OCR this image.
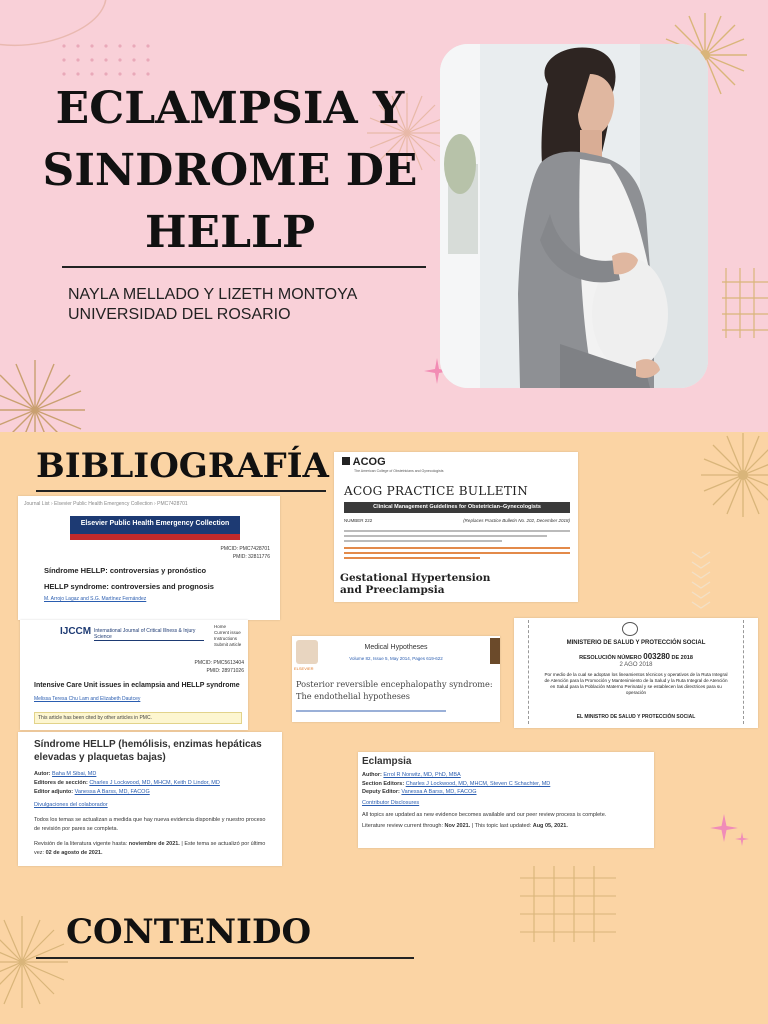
ECLAMPSIA Y
SINDROME DE
HELLP
NAYLA MELLADO Y LIZETH MONTOYA
UNIVERSIDAD DEL ROSARIO
BIBLIOGRAFÍA
Journal List › Elsevier Public Health Emergency Collection › PMC7428701
Elsevier Public Health Emergency Collection
PMCID: PMC7428701
PMID: 32811776
Síndrome HELLP: controversias y pronóstico
HELLP syndrome: controversies and prognosis
M. Arrojo Lagaz and S.G. Martínez Fernández
IJCCM International Journal of Critical Illness & Injury Science
Home
Current issue
Instructions
Submit article
PMCID: PMC5613404
PMID: 28971026
Intensive Care Unit issues in eclampsia and HELLP syndrome
Melissa Teresa Chu Lam and Elizabeth Dautcey
This article has been cited by other articles in PMC.
Síndrome HELLP (hemólisis, enzimas hepáticas elevadas y plaquetas bajas)
Autor: Baha M Sibai, MD
Editores de sección: Charles J Lockwood, MD, MHCM, Keith D Lindor, MD
Editor adjunto: Vanessa A Barss, MD, FACOG
Divulgaciones del colaborador
Todos los temas se actualizan a medida que hay nueva evidencia disponible y nuestro proceso de revisión por pares se completa.
Revisión de la literatura vigente hasta: noviembre de 2021. | Este tema se actualizó por último vez: 02 de agosto de 2021.
ACOG
The American College of Obstetricians and Gynecologists
ACOG PRACTICE BULLETIN
Clinical Management Guidelines for Obstetrician–Gynecologists
NUMBER 222	(Replaces Practice Bulletin No. 202, December 2018)
Gestational Hypertension and Preeclampsia
ELSEVIER
Medical Hypotheses
Volume 82, Issue 5, May 2014, Pages 619-622
Posterior reversible encephalopathy syndrome: The endothelial hypotheses
MINISTERIO DE SALUD Y PROTECCIÓN SOCIAL
RESOLUCIÓN NÚMERO 003280 DE 2018
2 AGO 2018
Por medio de la cual se adoptan los lineamientos técnicos y operativos de la Ruta Integral de Atención para la Promoción y Mantenimiento de la Salud y la Ruta Integral de Atención en Salud para la Población Materno Perinatal y se establecen las directrices para su operación
EL MINISTRO DE SALUD Y PROTECCIÓN SOCIAL
Eclampsia
Author: Errol R Norwitz, MD, PhD, MBA
Section Editors: Charles J Lockwood, MD, MHCM, Steven C Schachter, MD
Deputy Editor: Vanessa A Barss, MD, FACOG
Contributor Disclosures
All topics are updated as new evidence becomes available and our peer review process is complete.
Literature review current through: Nov 2021. | This topic last updated: Aug 05, 2021.
CONTENIDO
